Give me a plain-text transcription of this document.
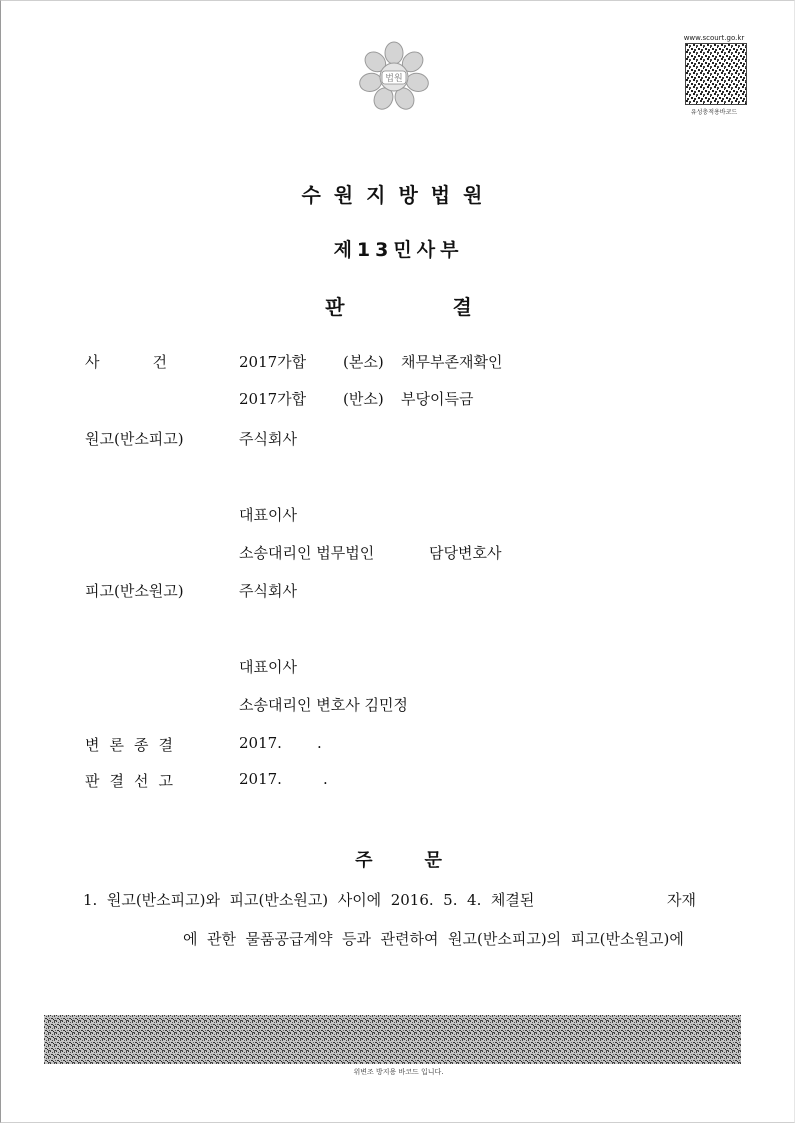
법원
www.scourt.go.kr
유성충적용바코드
수원지방법원
제13민사부
판	결
사	건	2017가합 (본소) 채무부존재확인
2017가합 (반소) 부당이득금
원고(반소피고)	주식회사
대표이사
소송대리인 법무법인	담당변호사
피고(반소원고)	주식회사
대표이사
소송대리인 변호사 김민정
변 론 종 결	2017. .
판 결 선 고	2017.	.
주	문
1.  원고(반소피고)와  피고(반소원고)  사이에  2016.  5.  4.  체결된	자재
에  관한  물품공급계약  등과  관련하여  원고(반소피고)의  피고(반소원고)에
위변조 방지용 바코드 입니다.
